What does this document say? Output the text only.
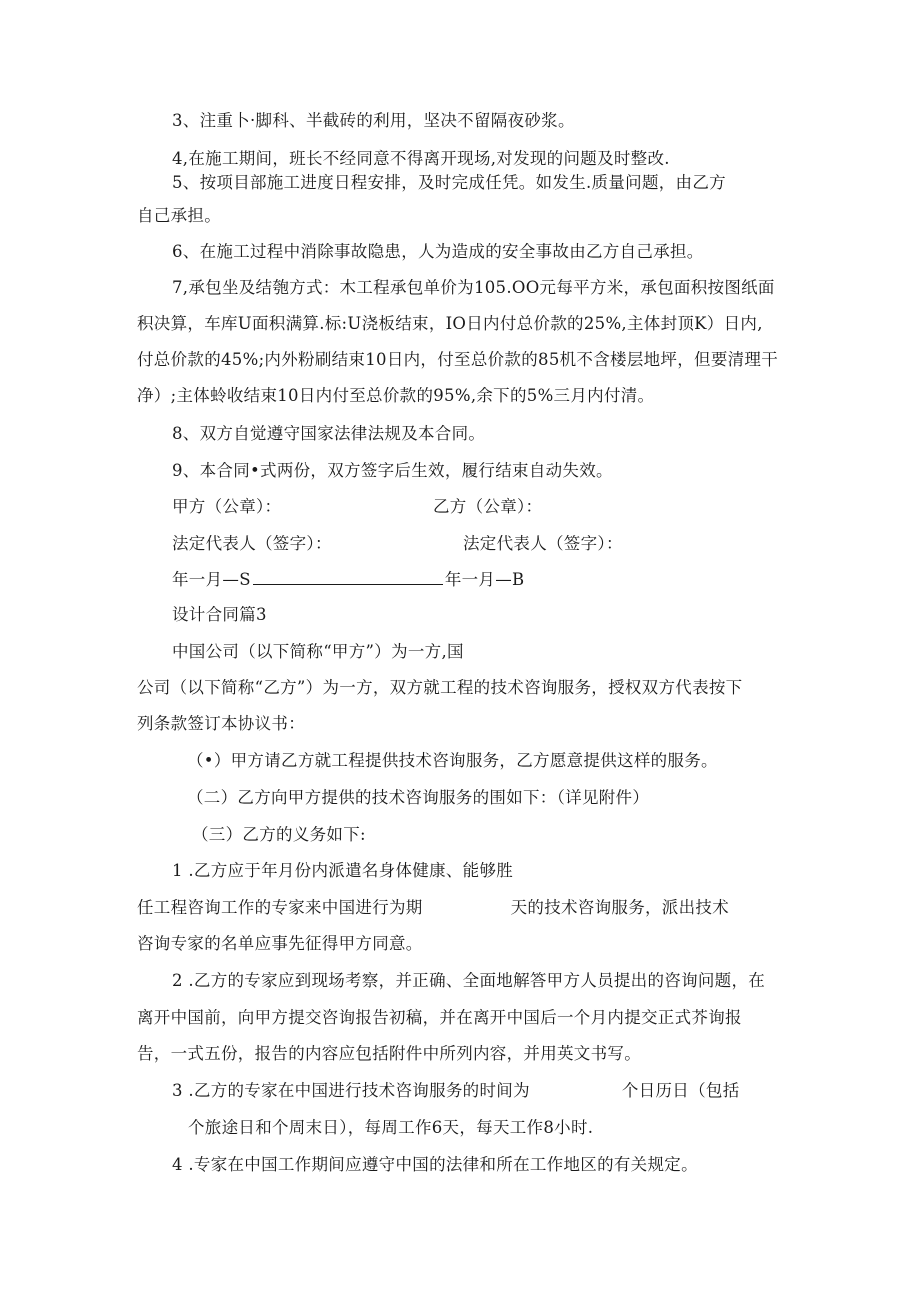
3、注重卜·脚科、半截砖的利用，坚决不留隔夜砂浆。
4,在施工期间，班长不经同意不得离开现场,对发现的问题及时整改.
5、按项目部施工进度日程安排，及时完成任凭。如发生.质量问题，由乙方
自己承担。
6、在施工过程中消除事故隐患，人为造成的安全事故由乙方自己承担。
7,承包坐及结匏方式：木工程承包单价为105.OO元每平方米，承包面积按图纸面
积决算，车库U面积满算.标:U浇板结束，IO日内付总价款的25%,主体封顶K）日内,
付总价款的45%;内外粉刷结束10日内，付至总价款的85机不含楼层地坪，但要清理干
净）;主体蛉收结束10日内付至总价款的95%,余下的5%三月内付清。
8、双方自觉遵守国家法律法规及本合同。
9、本合同•式两份，双方签字后生效，履行结束自动失效。
甲方（公章）：	乙方（公章）：
法定代表人（签字）：	法定代表人（签字）：
年一月—S	年一月—B
设计合同篇3
中国公司（以下简称“甲方”）为一方,国
公司（以下简称“乙方”）为一方，双方就工程的技术咨询服务，授权双方代表按下
列条款签订本协议书：
（•）甲方请乙方就工程提供技术咨询服务，乙方愿意提供这样的服务。
（二）乙方向甲方提供的技术咨询服务的围如下：（详见附件）
（三）乙方的义务如下:
1 .乙方应于年月份内派遣名身体健康、能够胜
任工程咨询工作的专家来中国进行为期	天的技术咨询服务，派出技术
咨询专家的名单应事先征得甲方同意。
2 .乙方的专家应到现场考察，并正确、全面地解答甲方人员提出的咨询问题，在
离开中国前，向甲方提交咨询报告初稿，并在离开中国后一个月内提交正式芥询报
告，一式五份，报告的内容应包括附件中所列内容，并用英文书写。
3 .乙方的专家在中国进行技术咨询服务的时间为	个日历日（包括
个旅途日和个周末日），每周工作6天，每天工作8小时.
4 .专家在中国工作期间应遵守中国的法律和所在工作地区的有关规定。
